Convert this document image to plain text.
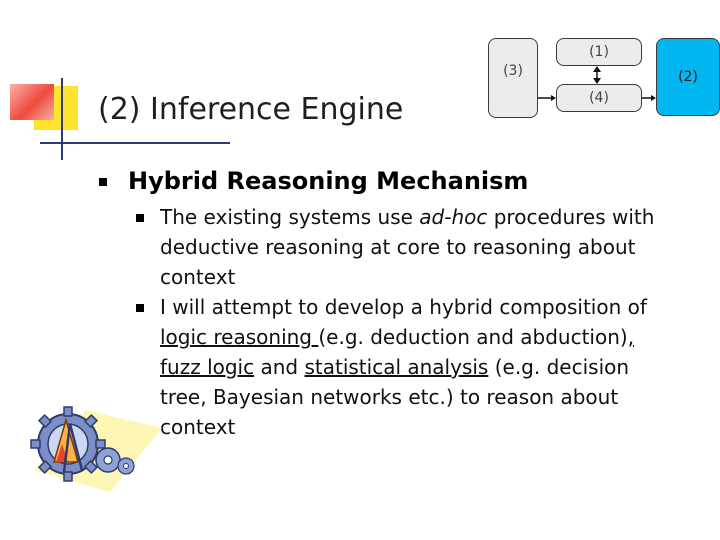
(2) Inference Engine
(3)
(1)
(4)
(2)
Hybrid Reasoning Mechanism
The existing systems use ad-hoc procedures with
deductive reasoning at core to reasoning about
context
I will attempt to develop a hybrid composition of
logic reasoning (e.g. deduction and abduction),
fuzz logic and statistical analysis (e.g. decision
tree, Bayesian networks etc.) to reason about
context
